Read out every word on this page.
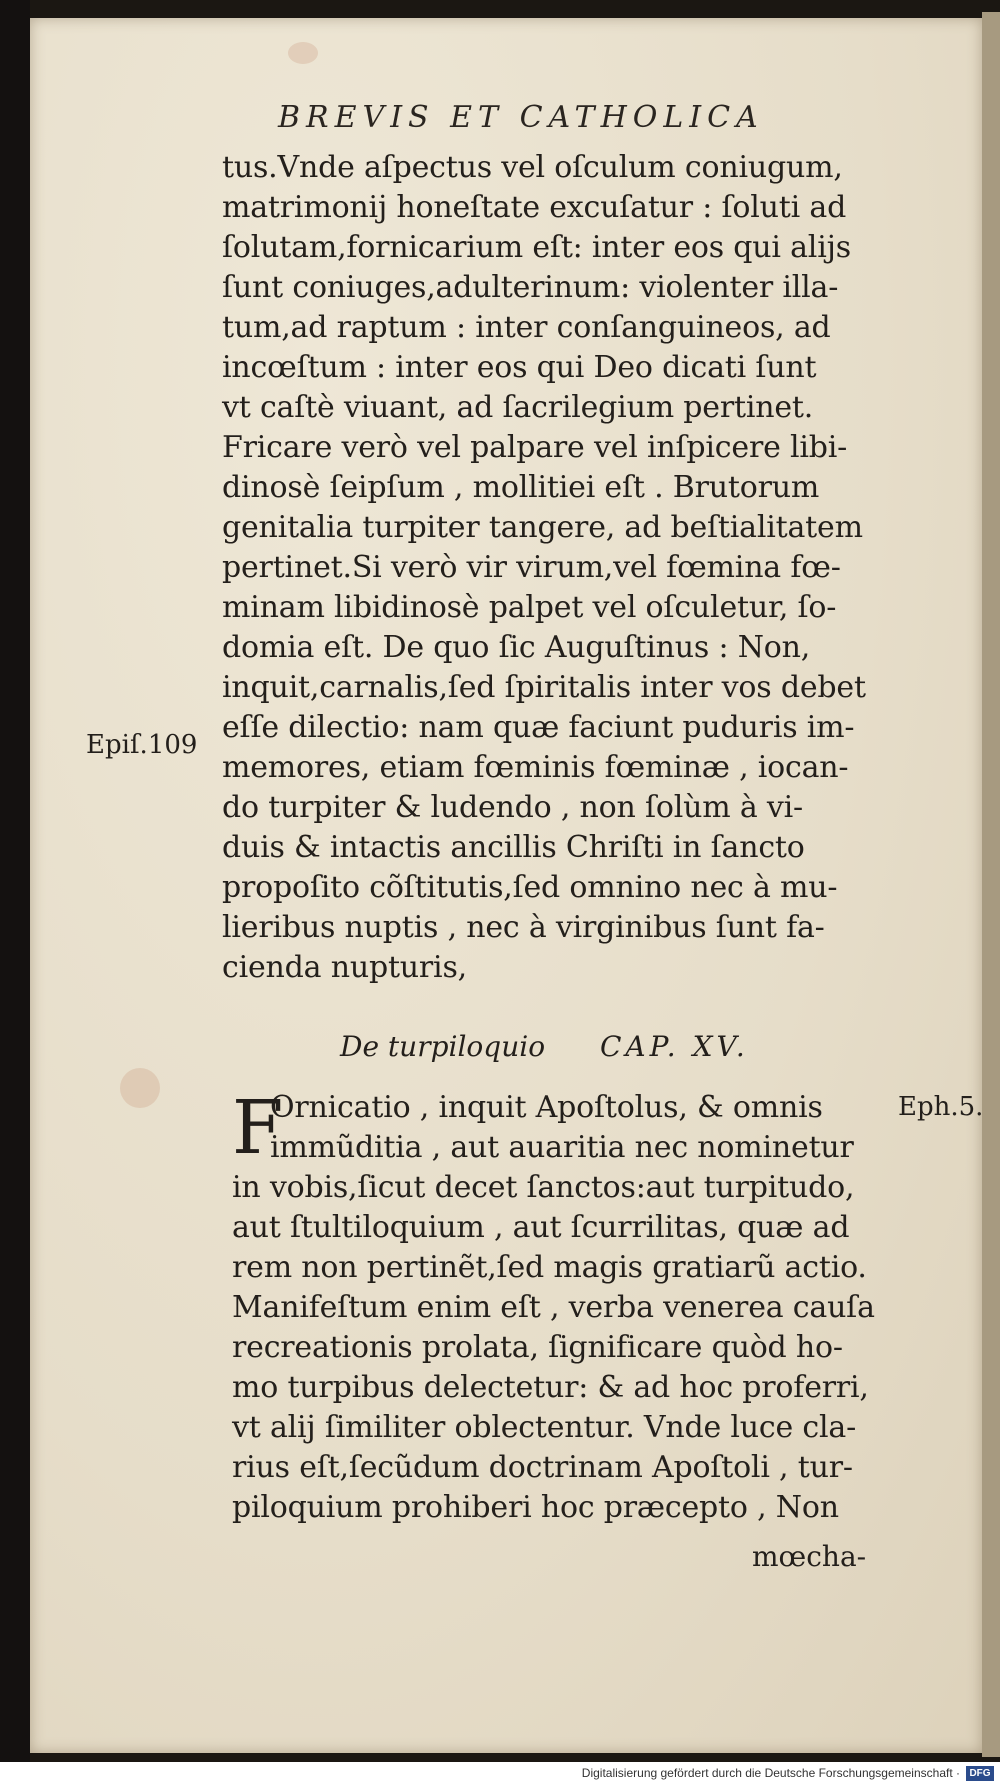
BREVIS ET CATHOLICA
tus.Vnde aſpectus vel oſculum coniugum,
matrimonij honeſtate excuſatur : ſoluti ad
ſolutam,fornicarium eſt: inter eos qui alijs
ſunt coniuges,adulterinum: violenter illa-
tum,ad raptum : inter conſanguineos, ad
incœſtum : inter eos qui Deo dicati ſunt
vt caſtè viuant, ad ſacrilegium pertinet.
Fricare verò vel palpare vel inſpicere libi-
dinosè ſeipſum , mollitiei eſt . Brutorum
genitalia turpiter tangere, ad beſtialitatem
pertinet.Si verò vir virum,vel fœmina fœ-
minam libidinosè palpet vel oſculetur, ſo-
domia eſt. De quo ſic Auguſtinus : Non,
inquit,carnalis,ſed ſpiritalis inter vos debet
eſſe dilectio: nam quæ faciunt puduris im-
memores, etiam fœminis fœminæ , iocan-
do turpiter & ludendo , non ſolùm à vi-
duis & intactis ancillis Chriſti in ſancto
propoſito cõſtitutis,ſed omnino nec à mu-
lieribus nuptis , nec à virginibus ſunt fa-
cienda nupturis,
Epiſ.109
De turpiloquio CAP. XV.
Eph.5.
F
Ornicatio , inquit Apoſtolus, & omnis
immũditia , aut auaritia nec nominetur
in vobis,ſicut decet ſanctos:aut turpitudo,
aut ſtultiloquium , aut ſcurrilitas, quæ ad
rem non pertinẽt,ſed magis gratiarũ actio.
Manifeſtum enim eſt , verba venerea cauſa
recreationis prolata, ſignificare quòd ho-
mo turpibus delectetur: & ad hoc proferri,
vt alij ſimiliter oblectentur. Vnde luce cla-
rius eſt,ſecũdum doctrinam Apoſtoli , tur-
piloquium prohiberi hoc præcepto , Non
mœcha-
Digitalisierung gefördert durch die Deutsche Forschungsgemeinschaft · DFG
